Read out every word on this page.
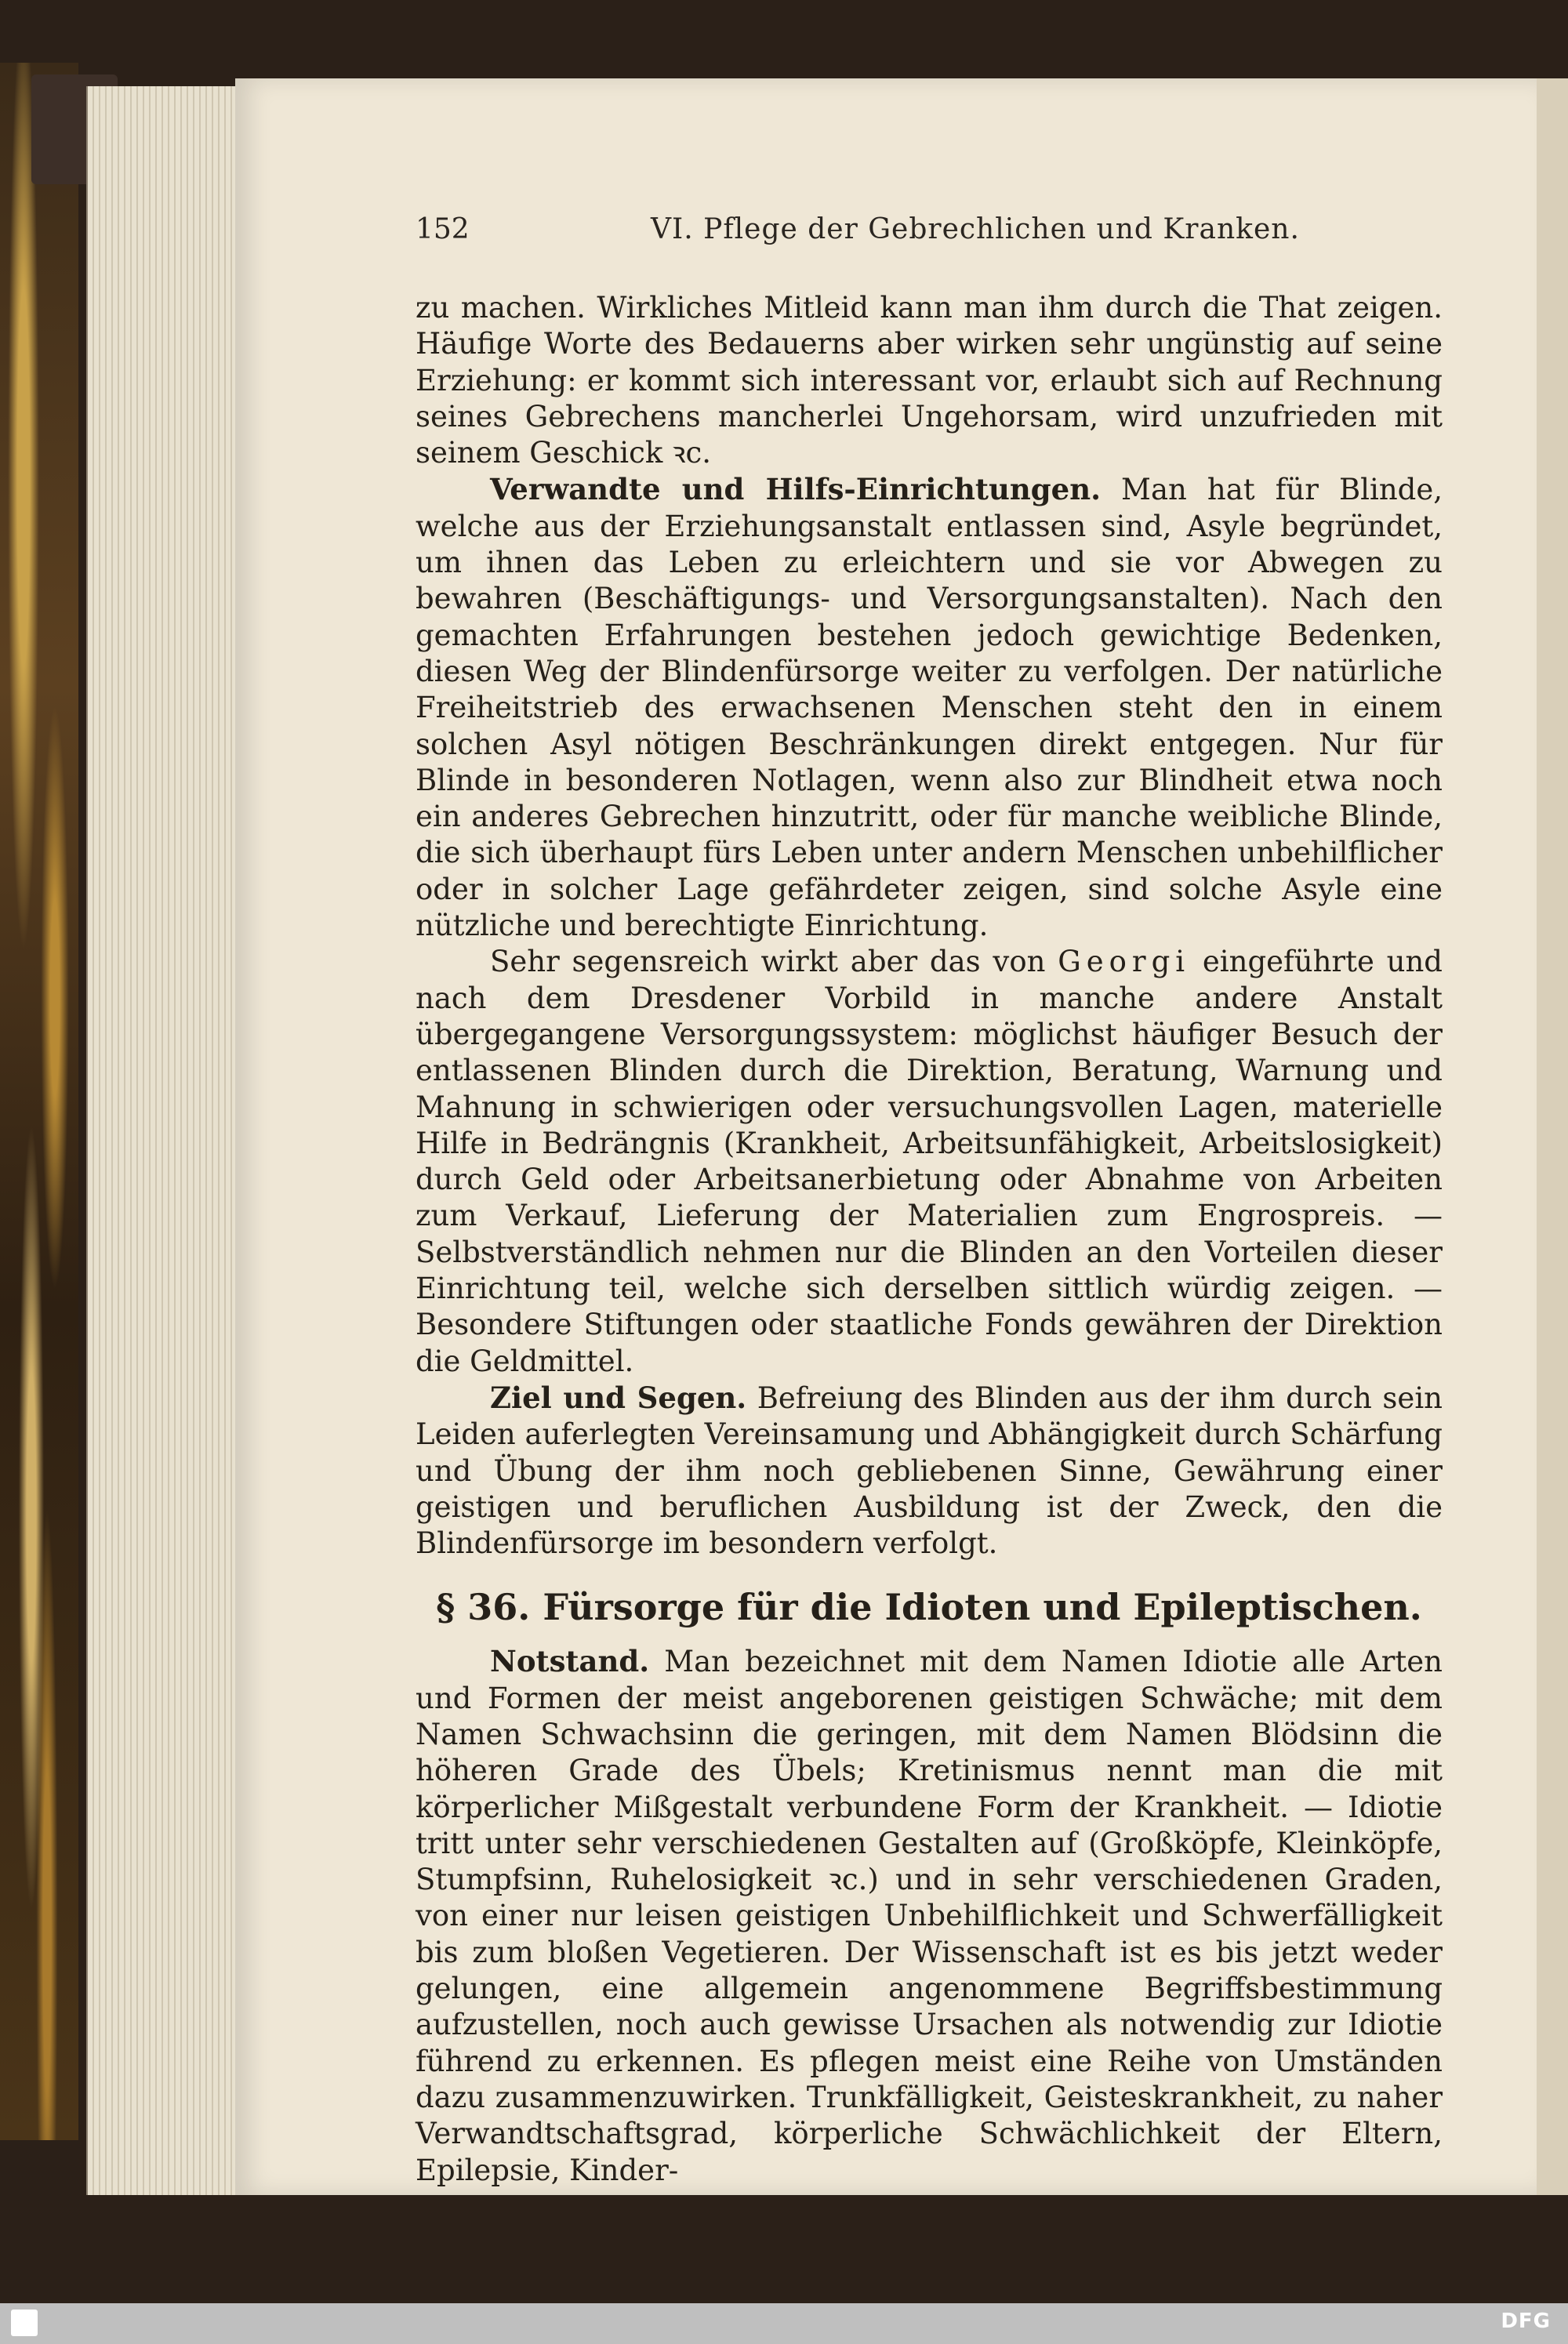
152	VI. Pflege der Gebrechlichen und Kranken.

zu machen. Wirkliches Mitleid kann man ihm durch die That zeigen. Häufige Worte des Bedauerns aber wirken sehr ungünstig auf seine Erziehung: er kommt sich interessant vor, erlaubt sich auf Rechnung seines Gebrechens mancherlei Ungehorsam, wird unzufrieden mit seinem Geschick ꝛc.

Verwandte und Hilfs-Einrichtungen. Man hat für Blinde, welche aus der Erziehungsanstalt entlassen sind, Asyle begründet, um ihnen das Leben zu erleichtern und sie vor Abwegen zu bewahren (Beschäftigungs- und Versorgungsanstalten). Nach den gemachten Erfahrungen bestehen jedoch gewichtige Bedenken, diesen Weg der Blindenfürsorge weiter zu verfolgen. Der natürliche Freiheitstrieb des erwachsenen Menschen steht den in einem solchen Asyl nötigen Beschränkungen direkt entgegen. Nur für Blinde in besonderen Notlagen, wenn also zur Blindheit etwa noch ein anderes Gebrechen hinzutritt, oder für manche weibliche Blinde, die sich überhaupt fürs Leben unter andern Menschen unbehilflicher oder in solcher Lage gefährdeter zeigen, sind solche Asyle eine nützliche und berechtigte Einrichtung.

Sehr segensreich wirkt aber das von Georgi eingeführte und nach dem Dresdener Vorbild in manche andere Anstalt übergegangene Versorgungssystem: möglichst häufiger Besuch der entlassenen Blinden durch die Direktion, Beratung, Warnung und Mahnung in schwierigen oder versuchungsvollen Lagen, materielle Hilfe in Bedrängnis (Krankheit, Arbeitsunfähigkeit, Arbeitslosigkeit) durch Geld oder Arbeitsanerbietung oder Abnahme von Arbeiten zum Verkauf, Lieferung der Materialien zum Engrospreis. — Selbstverständlich nehmen nur die Blinden an den Vorteilen dieser Einrichtung teil, welche sich derselben sittlich würdig zeigen. — Besondere Stiftungen oder staatliche Fonds gewähren der Direktion die Geldmittel.

Ziel und Segen. Befreiung des Blinden aus der ihm durch sein Leiden auferlegten Vereinsamung und Abhängigkeit durch Schärfung und Übung der ihm noch gebliebenen Sinne, Gewährung einer geistigen und beruflichen Ausbildung ist der Zweck, den die Blindenfürsorge im besondern verfolgt.

§ 36. Fürsorge für die Idioten und Epileptischen.

Notstand. Man bezeichnet mit dem Namen Idiotie alle Arten und Formen der meist angeborenen geistigen Schwäche; mit dem Namen Schwachsinn die geringen, mit dem Namen Blödsinn die höheren Grade des Übels; Kretinismus nennt man die mit körperlicher Mißgestalt verbundene Form der Krankheit. — Idiotie tritt unter sehr verschiedenen Gestalten auf (Großköpfe, Kleinköpfe, Stumpfsinn, Ruhelosigkeit ꝛc.) und in sehr verschiedenen Graden, von einer nur leisen geistigen Unbehilflichkeit und Schwerfälligkeit bis zum bloßen Vegetieren. Der Wissenschaft ist es bis jetzt weder gelungen, eine allgemein angenommene Begriffsbestimmung aufzustellen, noch auch gewisse Ursachen als notwendig zur Idiotie führend zu erkennen. Es pflegen meist eine Reihe von Umständen dazu zusammenzuwirken. Trunkfälligkeit, Geisteskrankheit, zu naher Verwandtschaftsgrad, körperliche Schwächlichkeit der Eltern, Epilepsie, Kinder-

DFG
